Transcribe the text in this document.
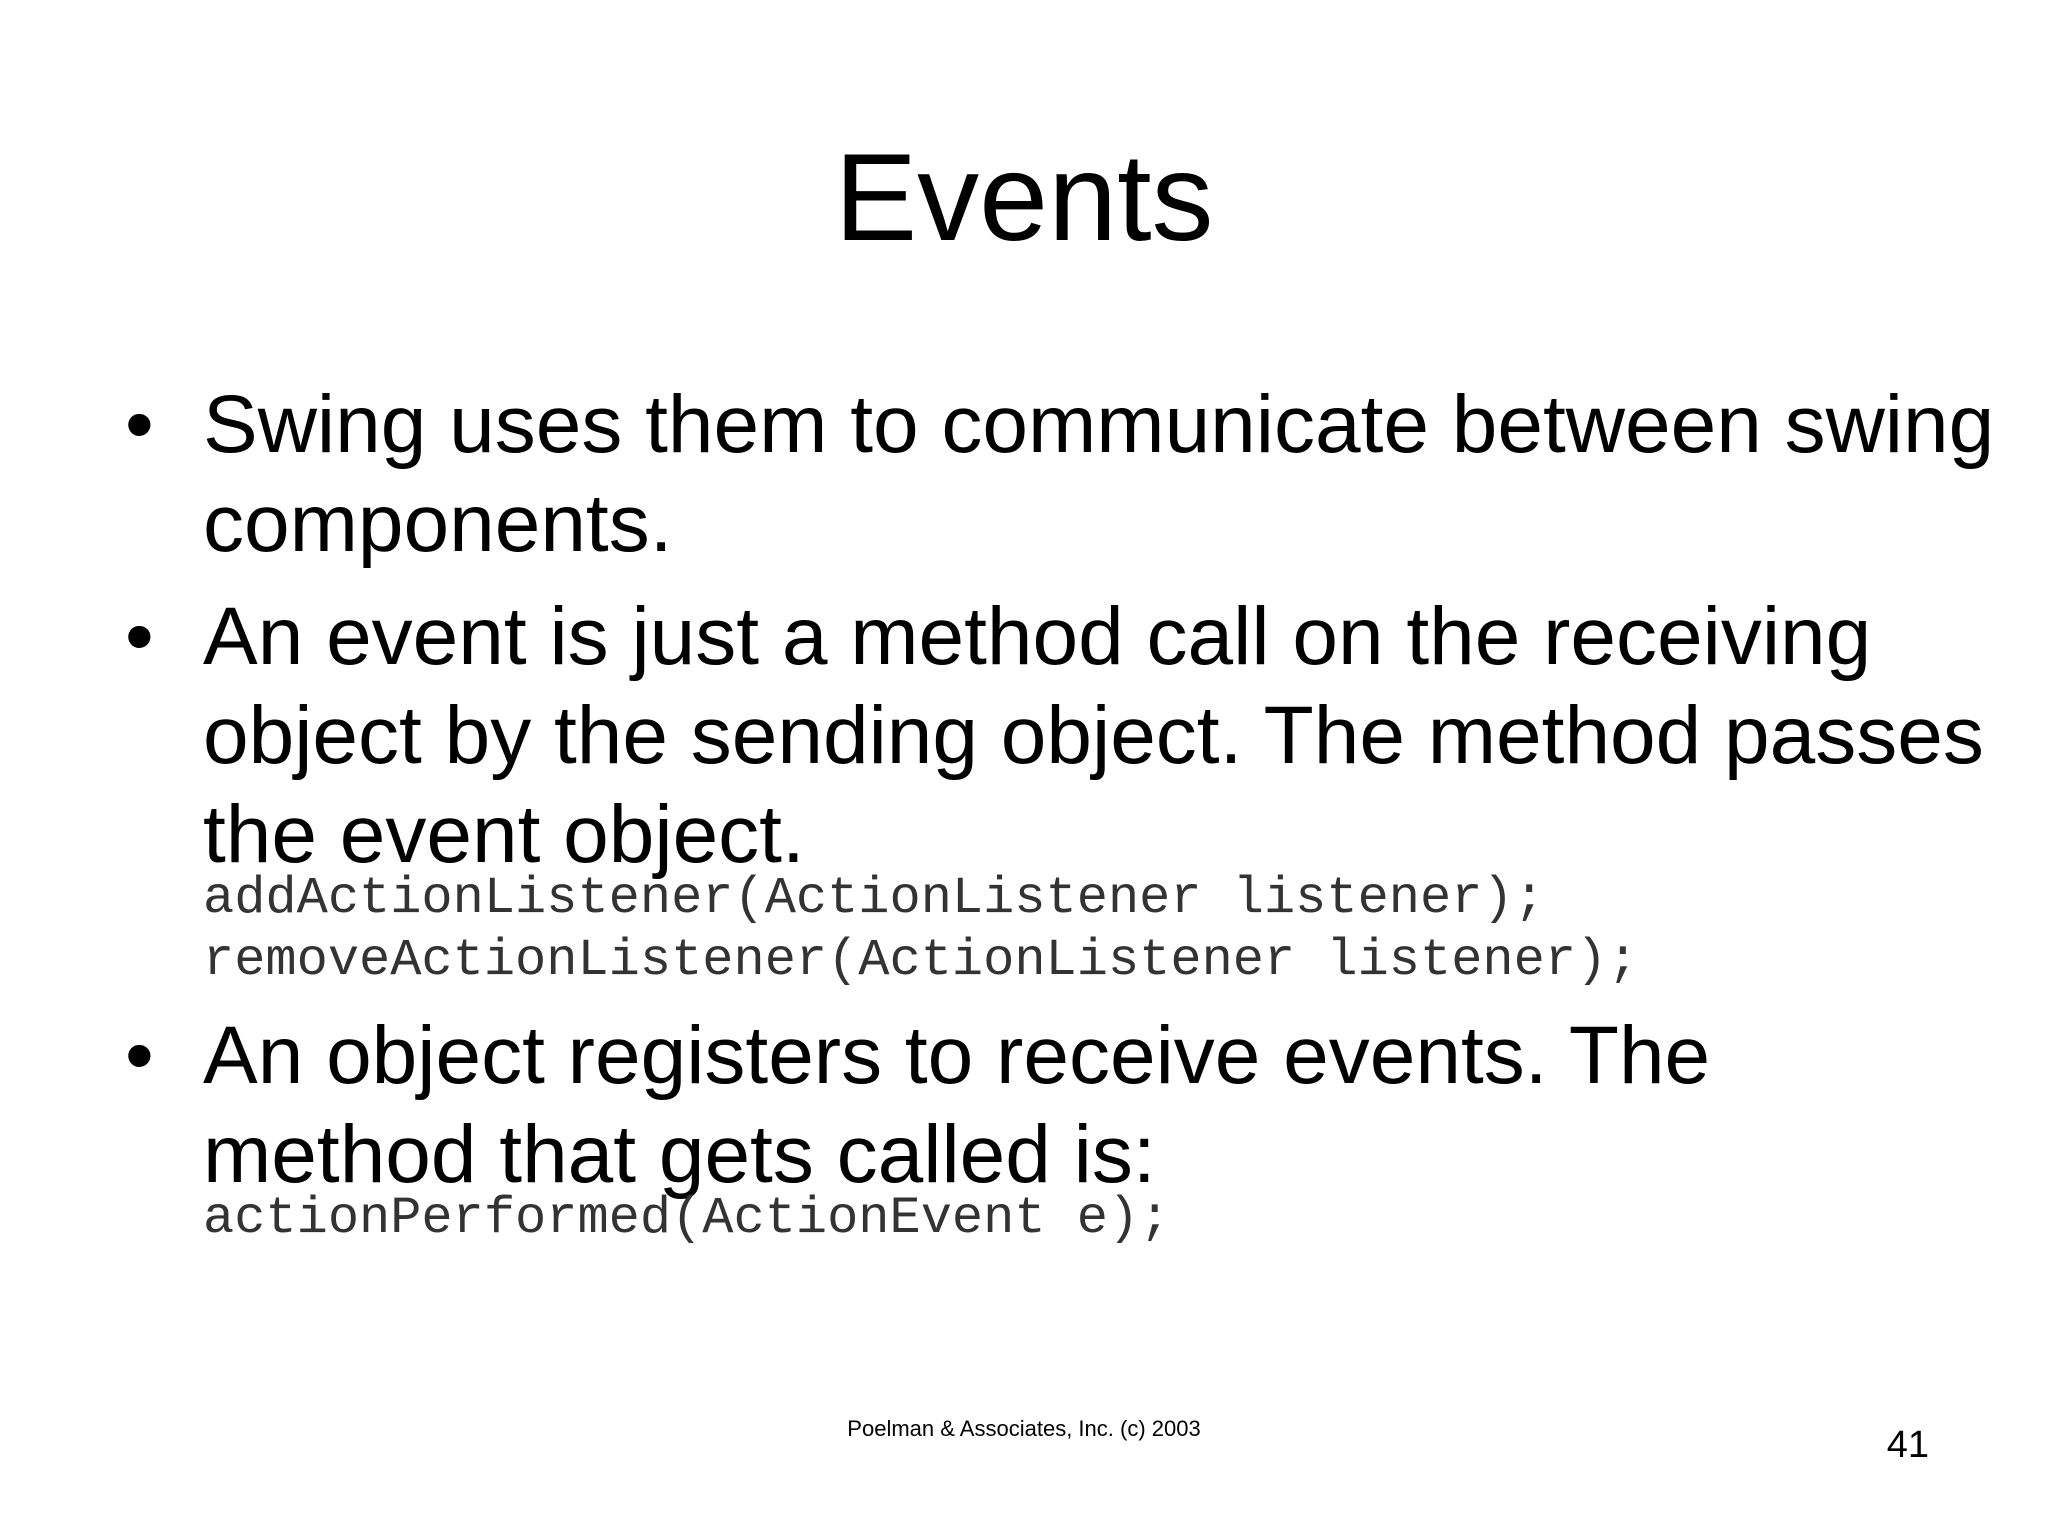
Events
• Swing uses them to communicate between swing components.
• An event is just a method call on the receiving object by the sending object. The method passes the event object.
addActionListener(ActionListener listener);
removeActionListener(ActionListener listener);
• An object registers to receive events. The method that gets called is:
actionPerformed(ActionEvent e);
Poelman & Associates, Inc. (c) 2003	41
